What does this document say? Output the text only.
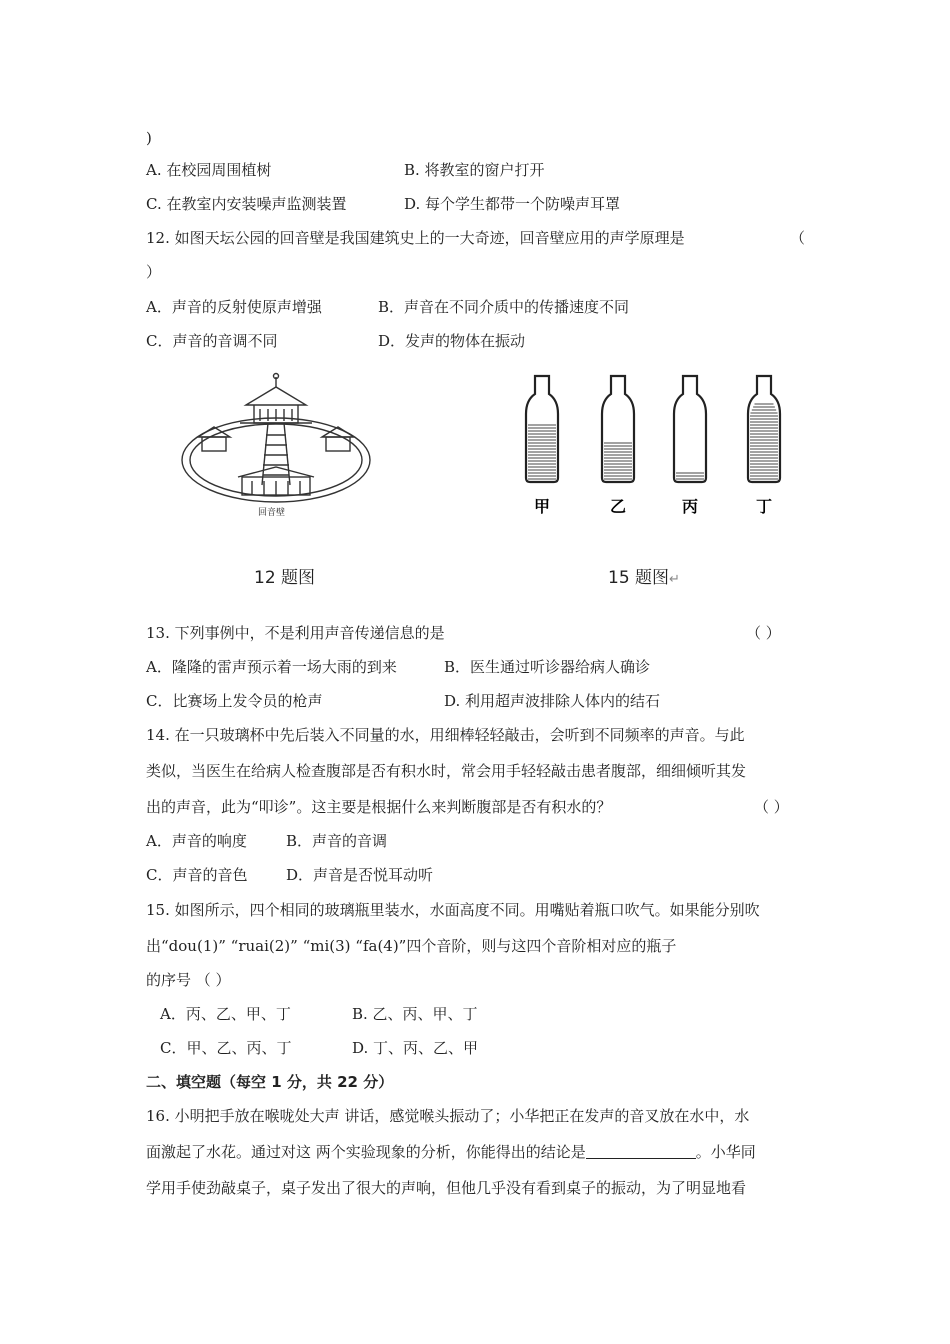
)
A. 在校园周围植树	B. 将教室的窗户打开
C. 在教室内安装噪声监测装置	D. 每个学生都带一个防噪声耳罩
12. 如图天坛公园的回音壁是我国建筑史上的一大奇迹，回音壁应用的声学原理是	（
）
A．声音的反射使原声增强	B．声音在不同介质中的传播速度不同
C．声音的音调不同	D．发声的物体在振动
回音壁
12 题图
甲	乙	丙	丁
15 题图↵
13. 下列事例中，不是利用声音传递信息的是	（ ）
A．隆隆的雷声预示着一场大雨的到来	B．医生通过听诊器给病人确诊
C．比赛场上发令员的枪声	D. 利用超声波排除人体内的结石
14. 在一只玻璃杯中先后装入不同量的水，用细棒轻轻敲击，会听到不同频率的声音。与此
类似，当医生在给病人检查腹部是否有积水时，常会用手轻轻敲击患者腹部，细细倾听其发
出的声音，此为“叩诊”。这主要是根据什么来判断腹部是否有积水的？	（ ）
A．声音的响度	B．声音的音调
C．声音的音色	D．声音是否悦耳动听
15. 如图所示，四个相同的玻璃瓶里装水，水面高度不同。用嘴贴着瓶口吹气。如果能分别吹
出“dou(1)” “ruai(2)” “mi(3) “fa(4)”四个音阶，则与这四个音阶相对应的瓶子
的序号 （ ）
A．丙、乙、甲、丁	B. 乙、丙、甲、丁
C．甲、乙、丙、丁	D. 丁、丙、乙、甲
二、填空题（每空 1 分，共 22 分）
16. 小明把手放在喉咙处大声 讲话，感觉喉头振动了；小华把正在发声的音叉放在水中，水
面激起了水花。通过对这 两个实验现象的分析，你能得出的结论是	。小华同
学用手使劲敲桌子，桌子发出了很大的声响，但他几乎没有看到桌子的振动，为了明显地看
